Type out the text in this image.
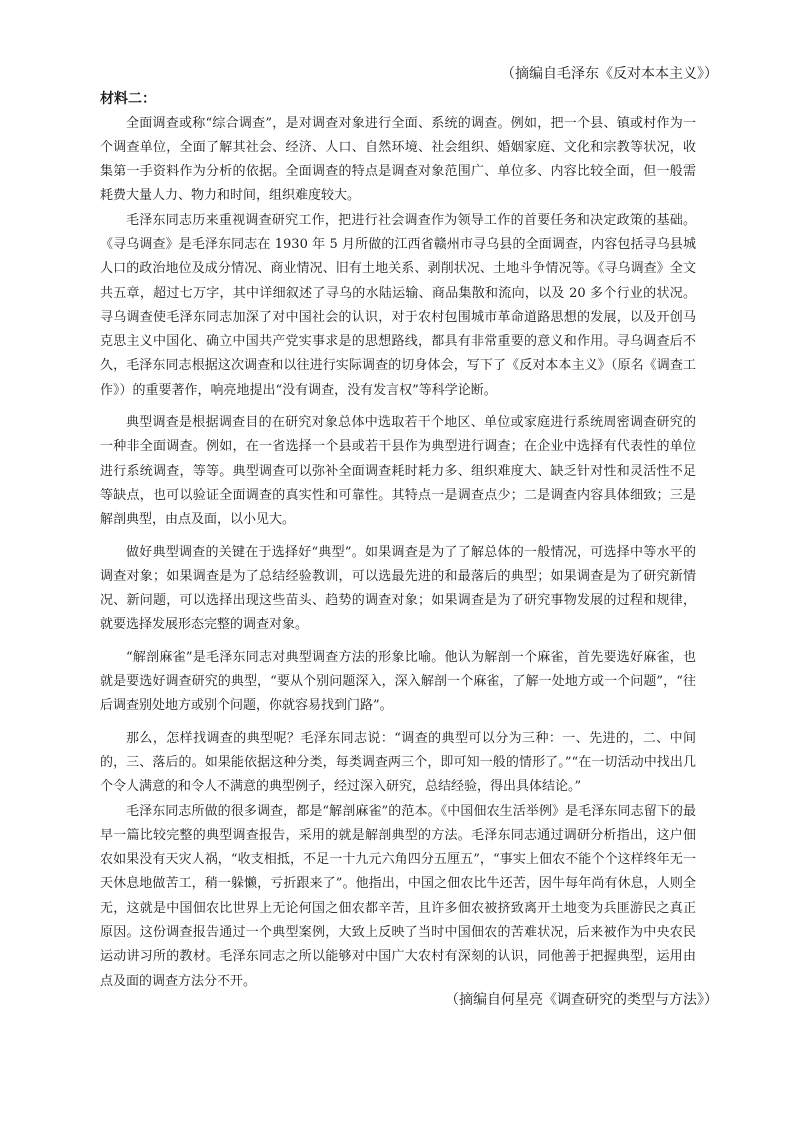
（摘编自毛泽东《反对本本主义》）

材料二：

全面调查或称“综合调查”，是对调查对象进行全面、系统的调查。例如，把一个县、镇或村作为一个调查单位，全面了解其社会、经济、人口、自然环境、社会组织、婚姻家庭、文化和宗教等状况，收集第一手资料作为分析的依据。全面调查的特点是调查对象范围广、单位多、内容比较全面，但一般需耗费大量人力、物力和时间，组织难度较大。

毛泽东同志历来重视调查研究工作，把进行社会调查作为领导工作的首要任务和决定政策的基础。《寻乌调查》是毛泽东同志在 1930 年 5 月所做的江西省赣州市寻乌县的全面调查，内容包括寻乌县城人口的政治地位及成分情况、商业情况、旧有土地关系、剥削状况、土地斗争情况等。《寻乌调查》全文共五章，超过七万字，其中详细叙述了寻乌的水陆运输、商品集散和流向，以及 20 多个行业的状况。寻乌调查使毛泽东同志加深了对中国社会的认识，对于农村包围城市革命道路思想的发展，以及开创马克思主义中国化、确立中国共产党实事求是的思想路线，都具有非常重要的意义和作用。寻乌调查后不久，毛泽东同志根据这次调查和以往进行实际调查的切身体会，写下了《反对本本主义》（原名《调查工作》）的重要著作，响亮地提出“没有调查，没有发言权”等科学论断。

典型调查是根据调查目的在研究对象总体中选取若干个地区、单位或家庭进行系统周密调查研究的一种非全面调查。例如，在一省选择一个县或若干县作为典型进行调查；在企业中选择有代表性的单位进行系统调查，等等。典型调查可以弥补全面调查耗时耗力多、组织难度大、缺乏针对性和灵活性不足等缺点，也可以验证全面调查的真实性和可靠性。其特点一是调查点少；二是调查内容具体细致；三是解剖典型，由点及面，以小见大。

做好典型调查的关键在于选择好“典型”。如果调查是为了了解总体的一般情况，可选择中等水平的调查对象；如果调查是为了总结经验教训，可以选最先进的和最落后的典型；如果调查是为了研究新情况、新问题，可以选择出现这些苗头、趋势的调查对象；如果调查是为了研究事物发展的过程和规律，就要选择发展形态完整的调查对象。

“解剖麻雀”是毛泽东同志对典型调查方法的形象比喻。他认为解剖一个麻雀，首先要选好麻雀，也就是要选好调查研究的典型，“要从个别问题深入，深入解剖一个麻雀，了解一处地方或一个问题”，“往后调查别处地方或别个问题，你就容易找到门路”。

那么，怎样找调查的典型呢？毛泽东同志说：“调查的典型可以分为三种：一、先进的，二、中间的，三、落后的。如果能依据这种分类，每类调查两三个，即可知一般的情形了。”“在一切活动中找出几个令人满意的和令人不满意的典型例子，经过深入研究，总结经验，得出具体结论。”

毛泽东同志所做的很多调查，都是“解剖麻雀”的范本。《中国佃农生活举例》是毛泽东同志留下的最早一篇比较完整的典型调查报告，采用的就是解剖典型的方法。毛泽东同志通过调研分析指出，这户佃农如果没有天灾人祸，“收支相抵，不足一十九元六角四分五厘五”，“事实上佃农不能个个这样终年无一天休息地做苦工，稍一躲懒，亏折跟来了”。他指出，中国之佃农比牛还苦，因牛每年尚有休息，人则全无，这就是中国佃农比世界上无论何国之佃农都辛苦，且许多佃农被挤致离开土地变为兵匪游民之真正原因。这份调查报告通过一个典型案例，大致上反映了当时中国佃农的苦难状况，后来被作为中央农民运动讲习所的教材。毛泽东同志之所以能够对中国广大农村有深刻的认识，同他善于把握典型，运用由点及面的调查方法分不开。

（摘编自何星亮《调查研究的类型与方法》）
